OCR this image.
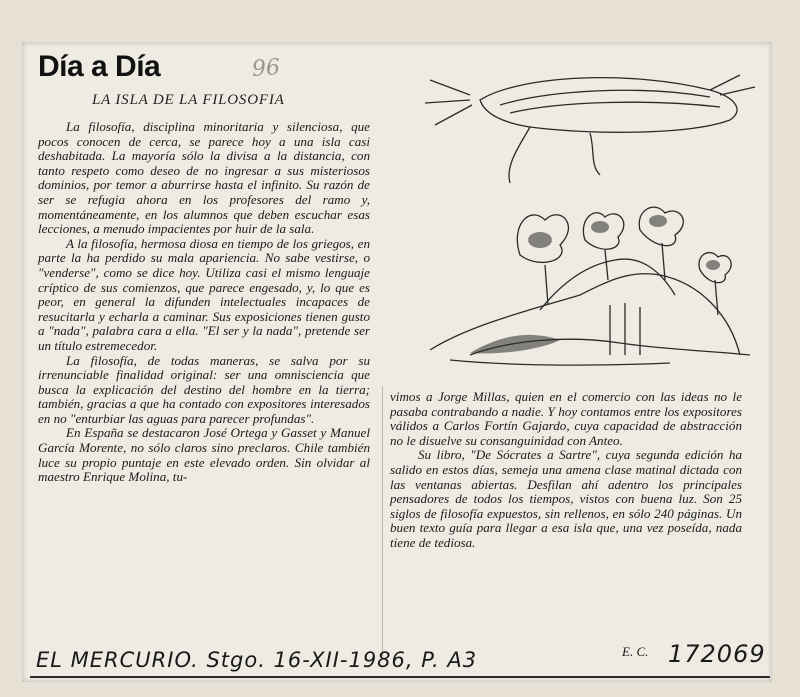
Día a Día	96
LA ISLA DE LA FILOSOFIA

La filosofía, disciplina minoritaria y silenciosa, que pocos conocen de cerca, se parece hoy a una isla casi deshabitada. La mayoría sólo la divisa a la distancia, con tanto respeto como deseo de no ingresar a sus misteriosos dominios, por temor a aburrirse hasta el infinito. Su razón de ser se refugia ahora en los profesores del ramo y, momentáneamente, en los alumnos que deben escuchar esas lecciones, a menudo impacientes por huir de la sala.

A la filosofía, hermosa diosa en tiempo de los griegos, en parte la ha perdido su mala apariencia. No sabe vestirse, o "venderse", como se dice hoy. Utiliza casi el mismo lenguaje críptico de sus comienzos, que parece engesado, y, lo que es peor, en general la difunden intelectuales incapaces de resucitarla y echarla a caminar. Sus exposiciones tienen gusto a "nada", palabra cara a ella. "El ser y la nada", pretende ser un título estremecedor.

La filosofía, de todas maneras, se salva por su irrenunciable finalidad original: ser una omnisciencia que busca la explicación del destino del hombre en la tierra; también, gracias a que ha contado con expositores interesados en no "enturbiar las aguas para parecer profundas".

En España se destacaron José Ortega y Gasset y Manuel García Morente, no sólo claros sino preclaros. Chile también luce su propio puntaje en este elevado orden. Sin olvidar al maestro Enrique Molina, tu-

vimos a Jorge Millas, quien en el comercio con las ideas no le pasaba contrabando a nadie. Y hoy contamos entre los expositores válidos a Carlos Fortín Gajardo, cuya capacidad de abstracción no le disuelve su consanguinidad con Anteo.

Su libro, "De Sócrates a Sartre", cuya segunda edición ha salido en estos días, semeja una amena clase matinal dictada con las ventanas abiertas. Desfilan ahí adentro los principales pensadores de todos los tiempos, vistos con buena luz. Son 25 siglos de filosofía expuestos, sin rellenos, en sólo 240 páginas. Un buen texto guía para llegar a esa isla que, una vez poseída, nada tiene de tediosa.

E. C.
EL MERCURIO. Stgo. 16-XII-1986, P. A3	172069
